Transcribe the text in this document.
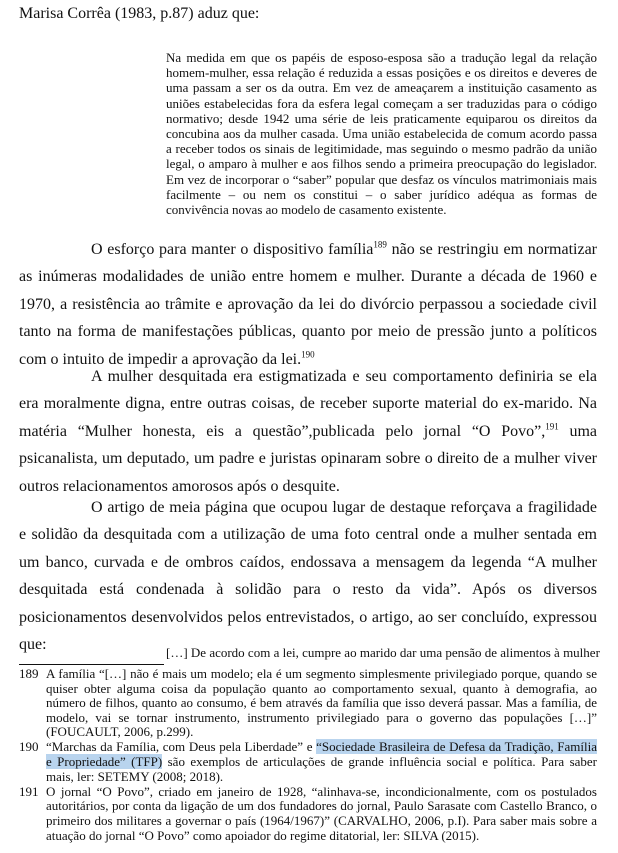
Marisa Corrêa (1983, p.87) aduz que:

Na medida em que os papéis de esposo-esposa são a tradução legal da relação homem-mulher, essa relação é reduzida a essas posições e os direitos e deveres de uma passam a ser os da outra. Em vez de ameaçarem a instituição casamento as uniões estabelecidas fora da esfera legal começam a ser traduzidas para o código normativo; desde 1942 uma série de leis praticamente equiparou os direitos da concubina aos da mulher casada. Uma união estabelecida de comum acordo passa a receber todos os sinais de legitimidade, mas seguindo o mesmo padrão da união legal, o amparo à mulher e aos filhos sendo a primeira preocupação do legislador. Em vez de incorporar o “saber” popular que desfaz os vínculos matrimoniais mais facilmente – ou nem os constitui – o saber jurídico adéqua as formas de convivência novas ao modelo de casamento existente.

O esforço para manter o dispositivo família$^{189}$ não se restringiu em normatizar as inúmeras modalidades de união entre homem e mulher. Durante a década de 1960 e 1970, a resistência ao trâmite e aprovação da lei do divórcio perpassou a sociedade civil tanto na forma de manifestações públicas, quanto por meio de pressão junto a políticos com o intuito de impedir a aprovação da lei.$^{190}$

A mulher desquitada era estigmatizada e seu comportamento definiria se ela era moralmente digna, entre outras coisas, de receber suporte material do ex-marido. Na matéria “Mulher honesta, eis a questão”,publicada pelo jornal “O Povo”,$^{191}$ uma psicanalista, um deputado, um padre e juristas opinaram sobre o direito de a mulher viver outros relacionamentos amorosos após o desquite.

O artigo de meia página que ocupou lugar de destaque reforçava a fragilidade e solidão da desquitada com a utilização de uma foto central onde a mulher sentada em um banco, curvada e de ombros caídos, endossava a mensagem da legenda “A mulher desquitada está condenada à solidão para o resto da vida”. Após os diversos posicionamentos desenvolvidos pelos entrevistados, o artigo, ao ser concluído, expressou que:	[…] De acordo com a lei, cumpre ao marido dar uma pensão de alimentos à mulher

189 A família “[…] não é mais um modelo; ela é um segmento simplesmente privilegiado porque, quando se quiser obter alguma coisa da população quanto ao comportamento sexual, quanto à demografia, ao número de filhos, quanto ao consumo, é bem através da família que isso deverá passar. Mas a família, de modelo, vai se tornar instrumento, instrumento privilegiado para o governo das populações […]” (FOUCAULT, 2006, p.299).

190 “Marchas da Família, com Deus pela Liberdade” e “Sociedade Brasileira de Defesa da Tradição, Família e Propriedade” (TFP) são exemplos de articulações de grande influência social e política. Para saber mais, ler: SETEMY (2008; 2018).

191 O jornal “O Povo”, criado em janeiro de 1928, “alinhava-se, incondicionalmente, com os postulados autoritários, por conta da ligação de um dos fundadores do jornal, Paulo Sarasate com Castello Branco, o primeiro dos militares a governar o país (1964/1967)” (CARVALHO, 2006, p.I). Para saber mais sobre a atuação do jornal “O Povo” como apoiador do regime ditatorial, ler: SILVA (2015).
